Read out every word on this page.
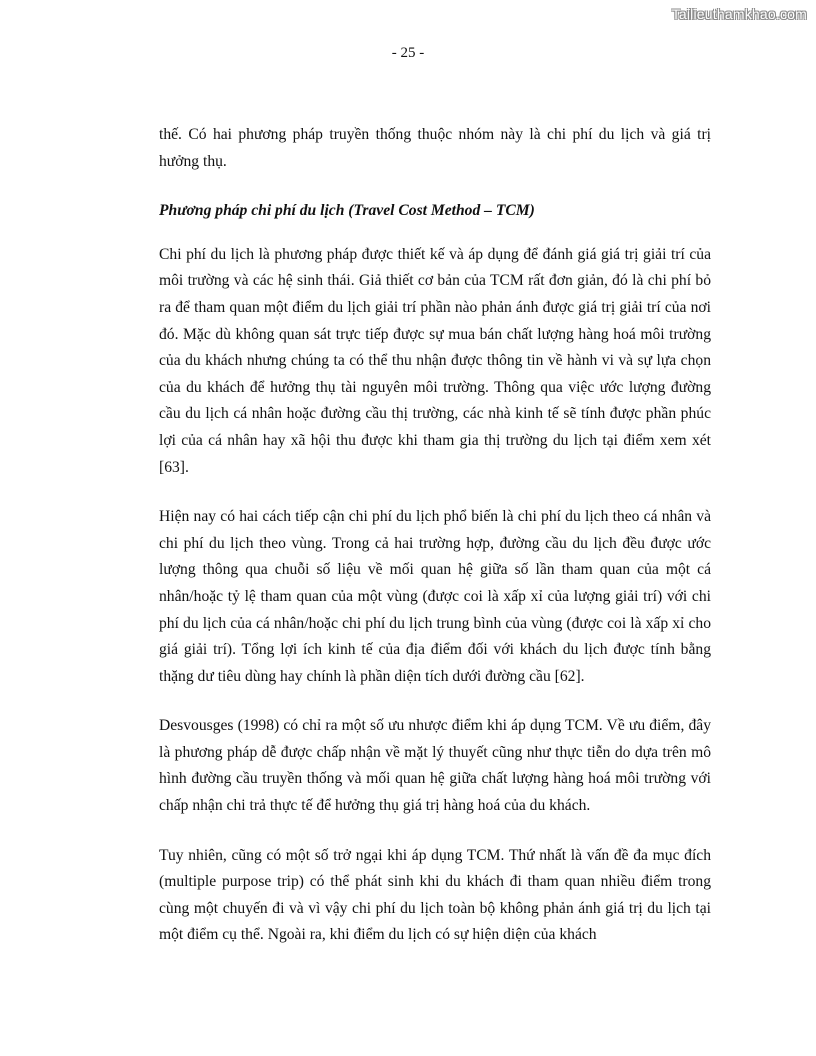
Tailieuthamkhao.com
- 25 -

thế. Có hai phương pháp truyền thống thuộc nhóm này là chi phí du lịch và giá trị hưởng thụ.

Phương pháp chi phí du lịch (Travel Cost Method – TCM)

Chi phí du lịch là phương pháp được thiết kế và áp dụng để đánh giá giá trị giải trí của môi trường và các hệ sinh thái. Giả thiết cơ bản của TCM rất đơn giản, đó là chi phí bỏ ra để tham quan một điểm du lịch giải trí phần nào phản ánh được giá trị giải trí của nơi đó. Mặc dù không quan sát trực tiếp được sự mua bán chất lượng hàng hoá môi trường của du khách nhưng chúng ta có thể thu nhận được thông tin về hành vi và sự lựa chọn của du khách để hưởng thụ tài nguyên môi trường. Thông qua việc ước lượng đường cầu du lịch cá nhân hoặc đường cầu thị trường, các nhà kinh tế sẽ tính được phần phúc lợi của cá nhân hay xã hội thu được khi tham gia thị trường du lịch tại điểm xem xét [63].

Hiện nay có hai cách tiếp cận chi phí du lịch phổ biến là chi phí du lịch theo cá nhân và chi phí du lịch theo vùng. Trong cả hai trường hợp, đường cầu du lịch đều được ước lượng thông qua chuỗi số liệu về mối quan hệ giữa số lần tham quan của một cá nhân/hoặc tỷ lệ tham quan của một vùng (được coi là xấp xỉ của lượng giải trí) với chi phí du lịch của cá nhân/hoặc chi phí du lịch trung bình của vùng (được coi là xấp xỉ cho giá giải trí). Tổng lợi ích kinh tế của địa điểm đối với khách du lịch được tính bằng thặng dư tiêu dùng hay chính là phần diện tích dưới đường cầu [62].

Desvousges (1998) có chỉ ra một số ưu nhược điểm khi áp dụng TCM. Về ưu điểm, đây là phương pháp dễ được chấp nhận về mặt lý thuyết cũng như thực tiễn do dựa trên mô hình đường cầu truyền thống và mối quan hệ giữa chất lượng hàng hoá môi trường với chấp nhận chi trả thực tế để hưởng thụ giá trị hàng hoá của du khách.

Tuy nhiên, cũng có một số trở ngại khi áp dụng TCM. Thứ nhất là vấn đề đa mục đích (multiple purpose trip) có thể phát sinh khi du khách đi tham quan nhiều điểm trong cùng một chuyến đi và vì vậy chi phí du lịch toàn bộ không phản ánh giá trị du lịch tại một điểm cụ thể. Ngoài ra, khi điểm du lịch có sự hiện diện của khách
